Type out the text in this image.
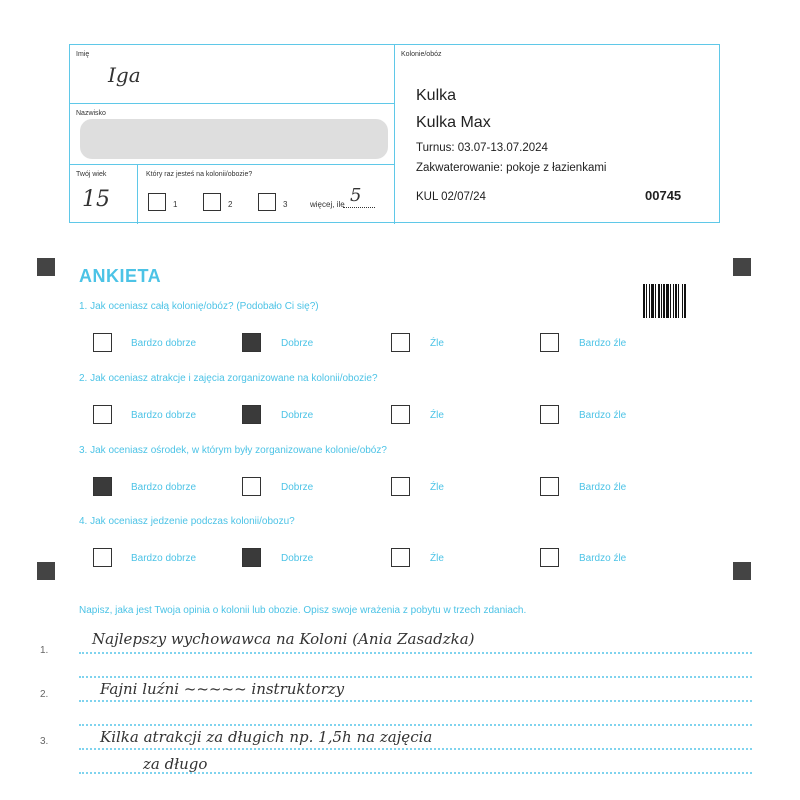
Imię
Iga
Nazwisko
Twój wiek
15
Który raz jesteś na kolonii/obozie?
1	2	3	więcej, ile 5
Kolonie/obóz
Kulka
Kulka Max
Turnus: 03.07-13.07.2024
Zakwaterowanie: pokoje z łazienkami
KUL 02/07/24	00745
ANKIETA
1. Jak oceniasz całą kolonię/obóz? (Podobało Ci się?)
Bardzo dobrze	Dobrze	Źle	Bardzo źle
2. Jak oceniasz atrakcje i zajęcia zorganizowane na kolonii/obozie?
Bardzo dobrze	Dobrze	Źle	Bardzo źle
3. Jak oceniasz ośrodek, w którym były zorganizowane kolonie/obóz?
Bardzo dobrze	Dobrze	Źle	Bardzo źle
4. Jak oceniasz jedzenie podczas kolonii/obozu?
Bardzo dobrze	Dobrze	Źle	Bardzo źle
Napisz, jaka jest Twoja opinia o kolonii lub obozie. Opisz swoje wrażenia z pobytu w trzech zdaniach.
1.
2.
3.
Najlepszy wychowawca na Koloni (Ania Zasadzka)
Fajni luźni ~~~~~ instruktorzy
Kilka atrakcji za długich np. 1,5h na zajęcia
za długo
